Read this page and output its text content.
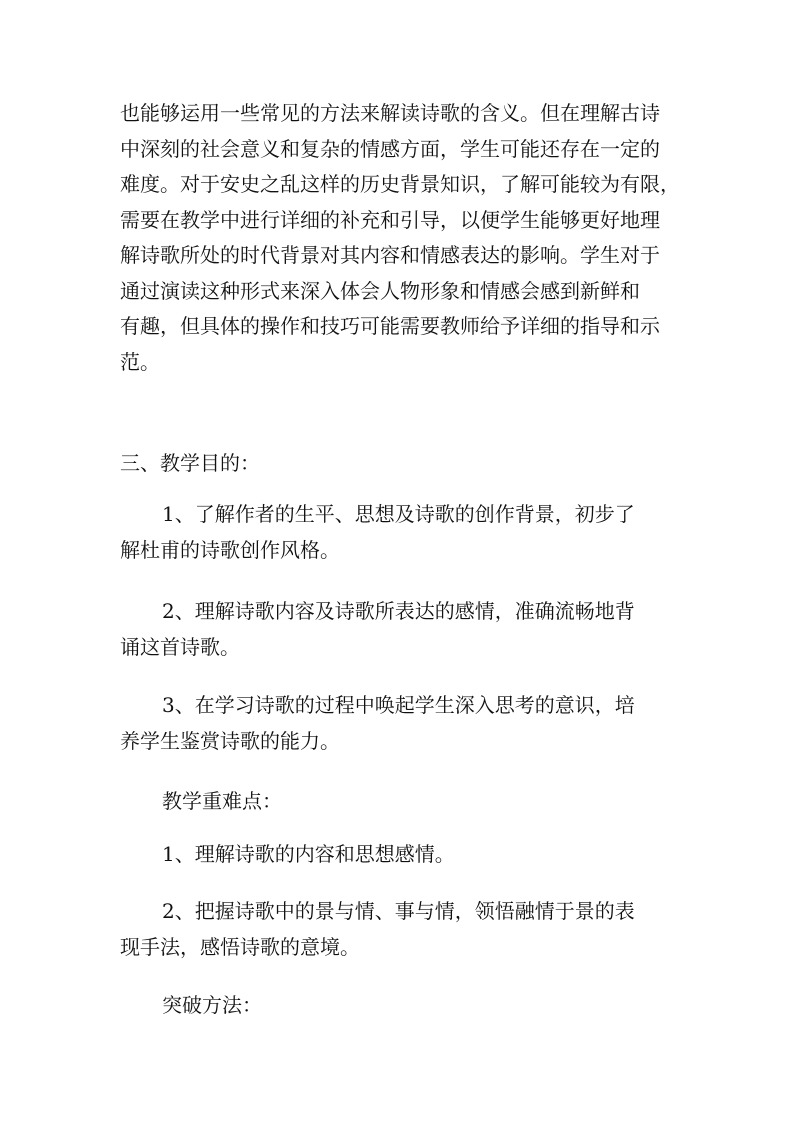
也能够运用一些常见的方法来解读诗歌的含义。但在理解古诗
中深刻的社会意义和复杂的情感方面，学生可能还存在一定的
难度。对于安史之乱这样的历史背景知识，了解可能较为有限，
需要在教学中进行详细的补充和引导，以便学生能够更好地理
解诗歌所处的时代背景对其内容和情感表达的影响。学生对于
通过演读这种形式来深入体会人物形象和情感会感到新鲜和
有趣，但具体的操作和技巧可能需要教师给予详细的指导和示
范。
三、教学目的：
1、了解作者的生平、思想及诗歌的创作背景，初步了
解杜甫的诗歌创作风格。
2、理解诗歌内容及诗歌所表达的感情，准确流畅地背
诵这首诗歌。
3、在学习诗歌的过程中唤起学生深入思考的意识，培
养学生鉴赏诗歌的能力。
教学重难点：
1、理解诗歌的内容和思想感情。
2、把握诗歌中的景与情、事与情，领悟融情于景的表
现手法，感悟诗歌的意境。
突破方法：
